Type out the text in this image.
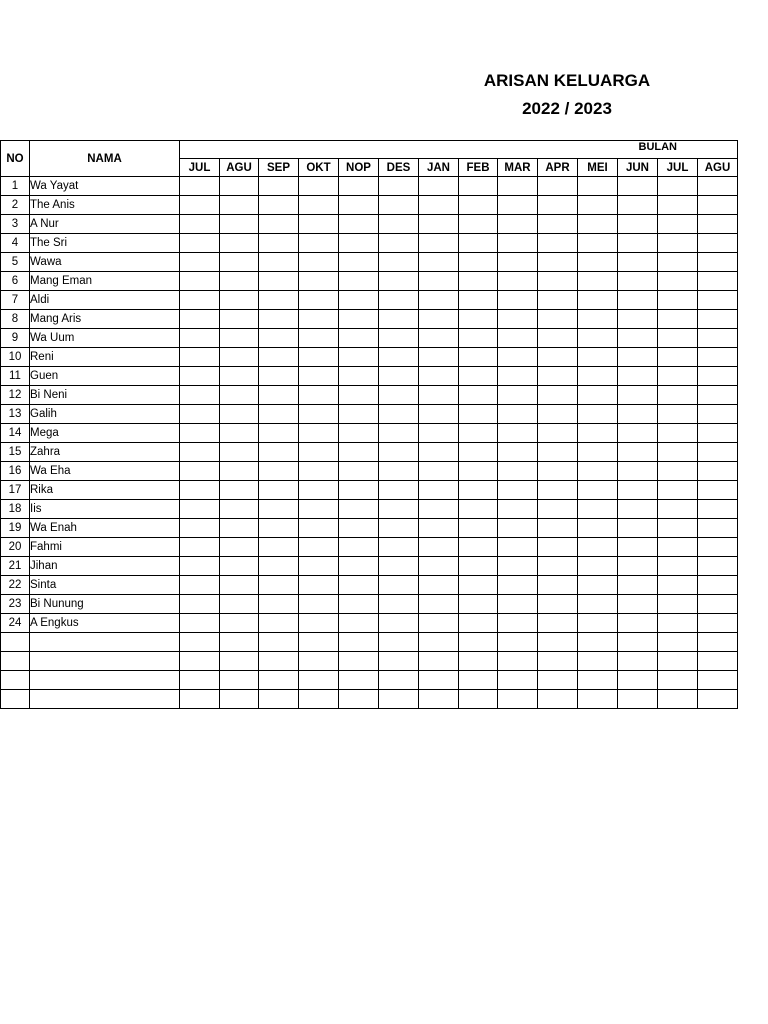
ARISAN KELUARGA
2022 / 2023
NO	NAMA	BULAN													
		JUL	AGU	SEP	OKT	NOP	DES	JAN	FEB	MAR	APR	MEI	JUN	JUL	AGU
1	Wa Yayat														
2	The Anis														
3	A Nur														
4	The Sri														
5	Wawa														
6	Mang Eman														
7	Aldi														
8	Mang Aris														
9	Wa Uum														
10	Reni														
11	Guen														
12	Bi Neni														
13	Galih														
14	Mega														
15	Zahra														
16	Wa Eha														
17	Rika														
18	Iis														
19	Wa Enah														
20	Fahmi														
21	Jihan														
22	Sinta														
23	Bi Nunung														
24	A Engkus														
